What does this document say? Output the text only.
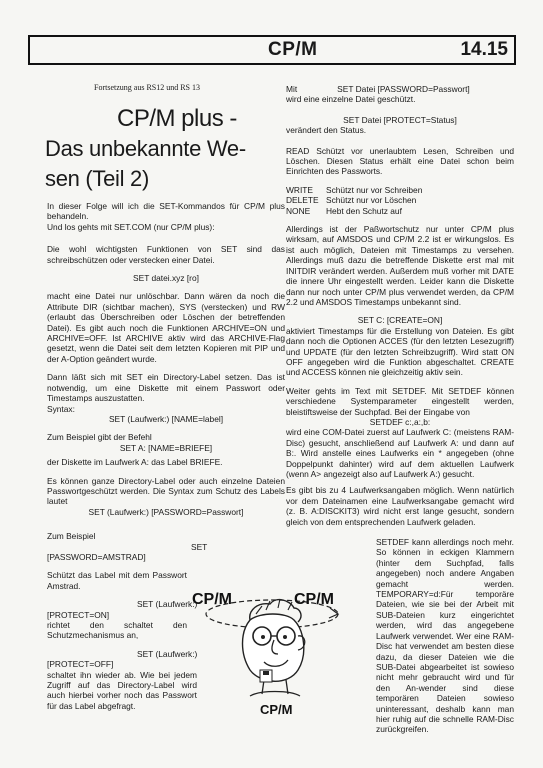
CP/M	14.15
Fortsetzung aus RS12 und RS 13
CP/M plus -
Das unbekannte We-
sen (Teil 2)

In dieser Folge will ich die SET-Kommandos für CP/M plus behandeln.

Und los gehts mit SET.COM (nur CP/M plus):

Die wohl wichtigsten Funktionen von SET sind das schreibschützen oder verstecken einer Datei.

SET datei.xyz [ro]

macht eine Datei nur unlöschbar. Dann wären da noch die Attribute DIR (sichtbar machen), SYS (verstecken) und RW (erlaubt das Überschreiben oder Löschen der betreffenden Datei). Es gibt auch noch die Funktionen ARCHIVE=ON und ARCHIVE=OFF. Ist ARCHIVE aktiv wird das ARCHIVE-Flag gesetzt, wenn die Datei seit dem letzten Kopieren mit PIP und der A-Option geändert wurde.

Dann läßt sich mit SET ein Directory-Label setzen. Das ist notwendig, um eine Diskette mit einem Passwort oder Timestamps auszustatten.

Syntax:

SET (Laufwerk:) [NAME=label]

Zum Beispiel gibt der Befehl

SET A: [NAME=BRIEFE]

der Diskette im Laufwerk A: das Label BRIEFE.

Es können ganze Directory-Label oder auch einzelne Dateien Passwortgeschützt werden. Die Syntax zum Schutz des Labels lautet

SET (Laufwerk:) [PASSWORD=Passwort]

Zum Beispiel

SET

[PASSWORD=AMSTRAD]

Schützt das Label mit dem Passwort Amstrad.

SET (Laufwerk:)

[PROTECT=ON]

richtet den schaltet den Schutzmechanismus an,

SET (Laufwerk:)

[PROTECT=OFF]

schaltet ihn wieder ab. Wie bei jedem Zugriff auf das Directory-Label wird auch hierbei vorher noch das Passwort für das Label abgefragt.

Mit	SET Datei [PASSWORD=Passwort]

wird eine einzelne Datei geschützt.

SET Datei [PROTECT=Status]

verändert den Status.

READ Schützt vor unerlaubtem Lesen, Schreiben und Löschen. Diesen Status erhält eine Datei schon beim Einrichten des Passworts.

WRITE Schützt nur vor Schreiben
DELETE Schützt nur vor Löschen
NONE Hebt den Schutz auf

Allerdings ist der Paßwortschutz nur unter CP/M plus wirksam, auf AMSDOS und CP/M 2.2 ist er wirkungslos. Es ist auch möglich, Dateien mit Timestamps zu versehen. Allerdings muß dazu die betreffende Diskette erst mal mit INITDIR verändert werden. Außerdem muß vorher mit DATE die innere Uhr eingestellt werden. Leider kann die Diskette dann nur noch unter CP/M plus verwendet werden, da CP/M 2.2 und AMSDOS Timestamps unbekannt sind.

SET C: [CREATE=ON]

aktiviert Timestamps für die Erstellung von Dateien. Es gibt dann noch die Optionen ACCES (für den letzten Lesezugriff) und UPDATE (für den letzten Schreibzugriff). Wird statt ON OFF angegeben wird die Funktion abgeschaltet. CREATE und ACCESS können nie gleichzeitig aktiv sein.

Weiter gehts im Text mit SETDEF. Mit SETDEF können verschiedene Systemparameter eingestellt werden, bleistiftsweise der Suchpfad. Bei der Eingabe von

SETDEF c:,a:,b:

wird eine COM-Datei zuerst auf Laufwerk C: (meistens RAM-Disc) gesucht, anschließend auf Laufwerk A: und dann auf B:. Wird anstelle eines Laufwerks ein * angegeben (ohne Doppelpunkt dahinter) wird auf dem aktuellen Laufwerk (wenn A> angezeigt also auf Laufwerk A:) gesucht.

Es gibt bis zu 4 Laufwerksangaben möglich. Wenn natürlich vor dem Dateinamen eine Laufwerksangabe gemacht wird (z. B. A:DISCKIT3) wird nicht erst lange gesucht, sondern gleich von dem entsprechenden Laufwerk geladen.

SETDEF kann allerdings noch mehr. So können in eckigen Klammern (hinter dem Suchpfad, falls angegeben) noch andere Angaben gemacht werden. TEMPORARY=d:Für temporäre Dateien, wie sie bei der Arbeit mit SUB-Dateien kurz eingerichtet werden, wird das angegebene Laufwerk verwendet. Wer eine RAM-Disc hat verwendet am besten diese dazu, da dieser Dateien wie die SUB-Datei abgearbeitet ist sowieso nicht mehr gebraucht wird und für den An-wender sind diese temporären Dateien sowieso uninteressant, deshalb kann man hier ruhig auf die schnelle RAM-Disc zurückgreifen.

CP/M	CP/M
CP/M
